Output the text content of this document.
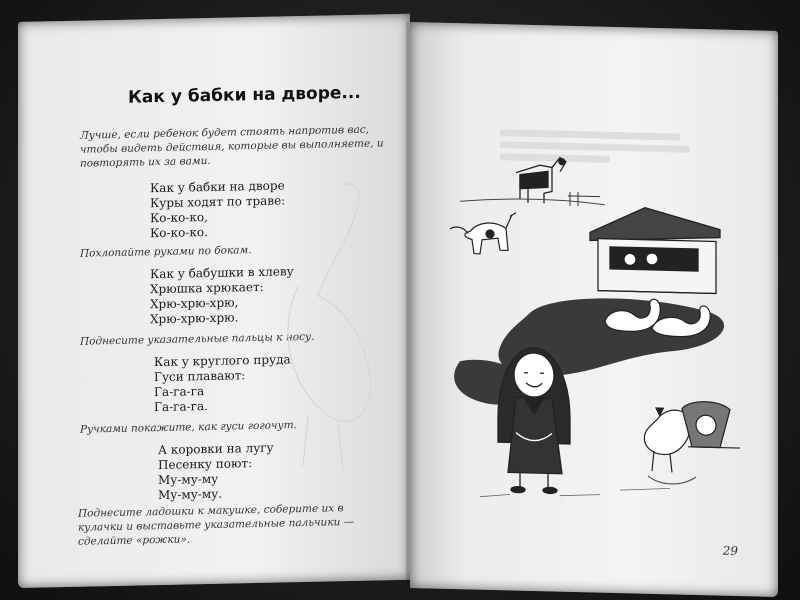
Как у бабки на дворе...
Лучше, если ребенок будет стоять напротив вас, чтобы видеть действия, которые вы выполняете, и повторять их за вами.
Как у бабки на дворе
Куры ходят по траве:
Ко-ко-ко,
Ко-ко-ко.
Похлопайте руками по бокам.
Как у бабушки в хлеву
Хрюшка хрюкает:
Хрю-хрю-хрю,
Хрю-хрю-хрю.
Поднесите указательные пальцы к носу.
Как у круглого пруда
Гуси плавают:
Га-га-га
Га-га-га.
Ручками покажите, как гуси гогочут.
А коровки на лугу
Песенку поют:
Му-му-му
Му-му-му.
Поднесите ладошки к макушке, соберите их в кулачки и выставьте указательные пальчики — сделайте «рожки».
29
